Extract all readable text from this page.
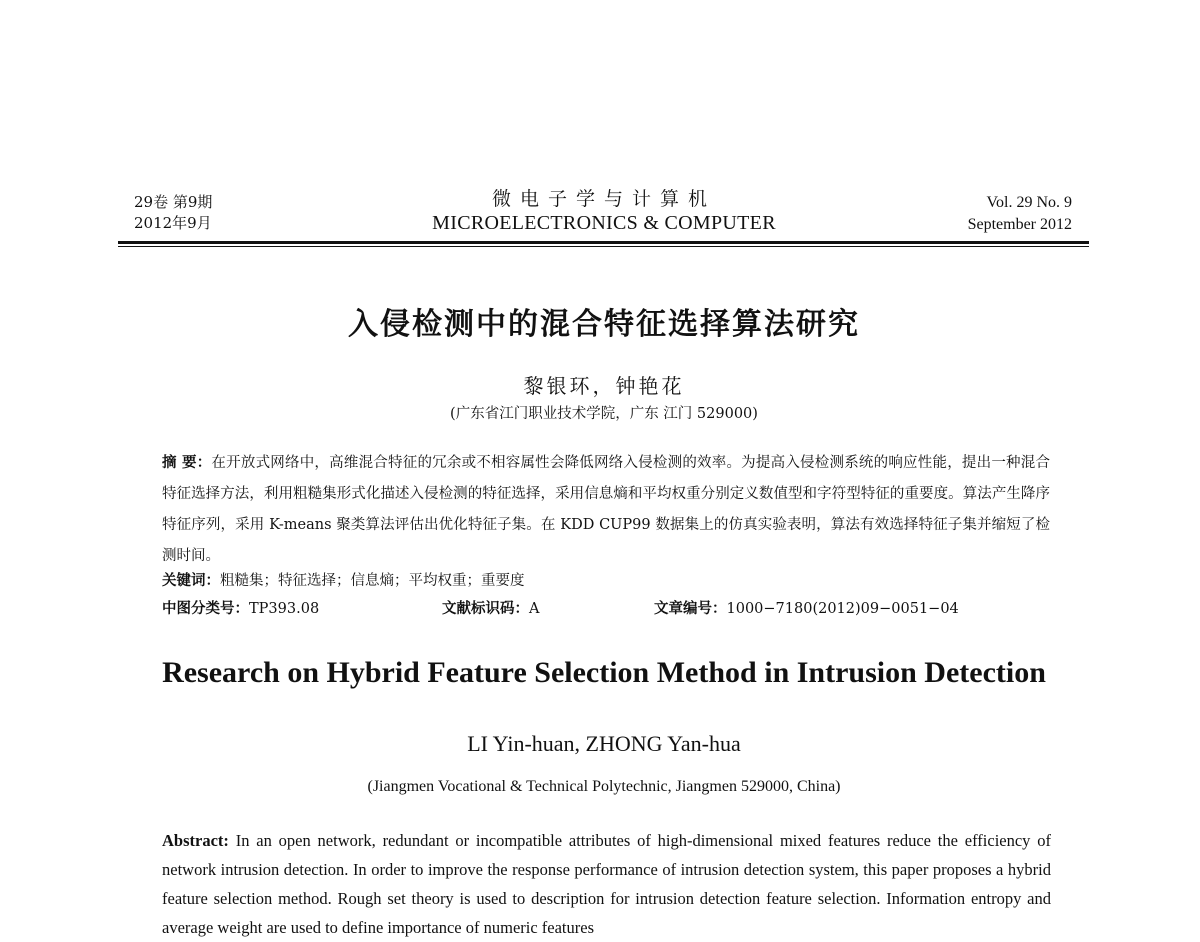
29卷 第9期
2012年9月
微电子学与计算机
MICROELECTRONICS & COMPUTER
Vol. 29 No. 9
September 2012
入侵检测中的混合特征选择算法研究
黎银环，钟艳花
(广东省江门职业技术学院，广东 江门 529000)
摘 要：在开放式网络中，高维混合特征的冗余或不相容属性会降低网络入侵检测的效率。为提高入侵检测系统的响应性能，提出一种混合特征选择方法，利用粗糙集形式化描述入侵检测的特征选择，采用信息熵和平均权重分别定义数值型和字符型特征的重要度。算法产生降序特征序列，采用 K-means 聚类算法评估出优化特征子集。在 KDD CUP99 数据集上的仿真实验表明，算法有效选择特征子集并缩短了检测时间。
关键词：粗糙集；特征选择；信息熵；平均权重；重要度
中图分类号：TP393.08	文献标识码：A	文章编号：1000−7180(2012)09−0051−04
Research on Hybrid Feature Selection Method in Intrusion Detection
LI Yin-huan, ZHONG Yan-hua
(Jiangmen Vocational & Technical Polytechnic, Jiangmen 529000, China)
Abstract: In an open network, redundant or incompatible attributes of high-dimensional mixed features reduce the efficiency of network intrusion detection. In order to improve the response performance of intrusion detection system, this paper proposes a hybrid feature selection method. Rough set theory is used to description for intrusion detection feature selection. Information entropy and average weight are used to define importance of numeric features
